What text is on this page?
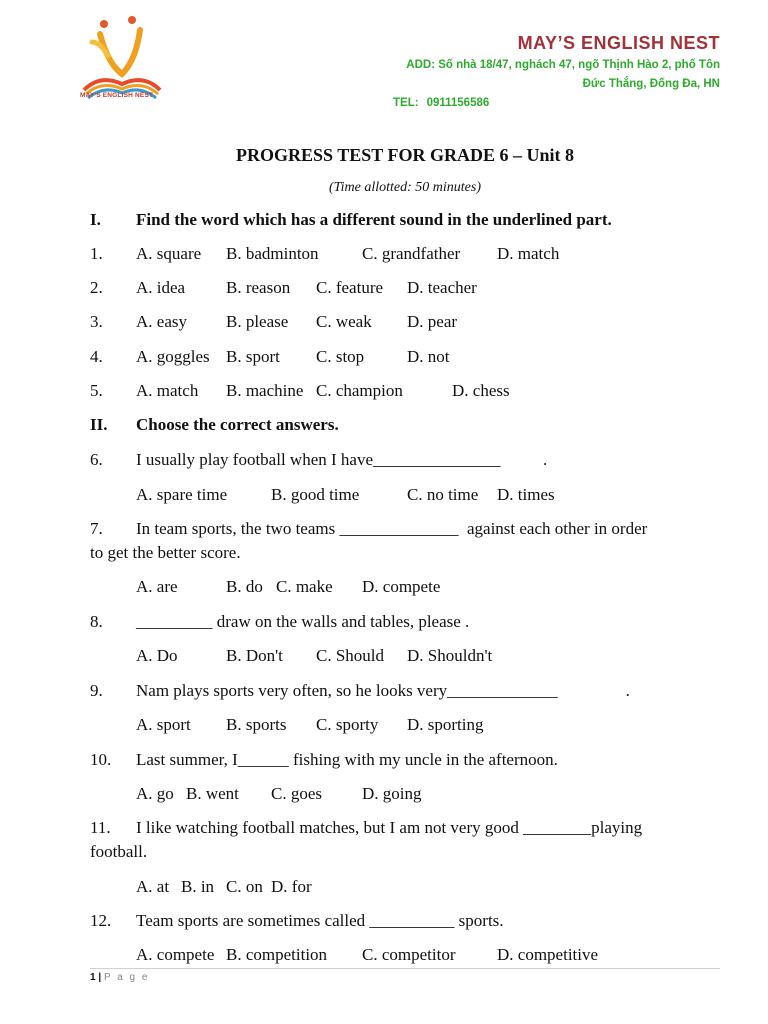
MAY'S ENGLISH NEST
MAY’S ENGLISH NEST
ADD: Số nhà 18/47, nghách 47, ngõ Thịnh Hào 2, phố Tôn
Đức Thắng, Đống Đa, HN
TEL: 0911156586
PROGRESS TEST FOR GRADE 6 – Unit 8
(Time allotted: 50 minutes)
I. Find the word which has a different sound in the underlined part.
1. A. square B. badminton	C. grandfather D. match
2. A. idea B. reason C. feature D. teacher
3. A. easy B. please C. weak D. pear
4. A. goggles B. sport C. stop	D. not
5. A. match B. machine C. champion	D. chess
II. Choose the correct answers.
6. I usually play football when I have_______________          .
A. spare time	B. good time	C. no time D. times
7. In team sports, the two teams ______________  against each other in order
to get the better score.
A. are	B. do C. make D. compete
8. _________ draw on the walls and tables, please .
A. Do	B. Don't C. Should D. Shouldn't
9. Nam plays sports very often, so he looks very_____________                .
A. sport B. sports C. sporty D. sporting
10. Last summer, I______ fishing with my uncle in the afternoon.
A. go B. went C. goes D. going
11. I like watching football matches, but I am not very good ________playing
football.
A. at B. in C. on D. for
12. Team sports are sometimes called __________ sports.
A. compete B. competition C. competitor D. competitive
1 | P a g e
